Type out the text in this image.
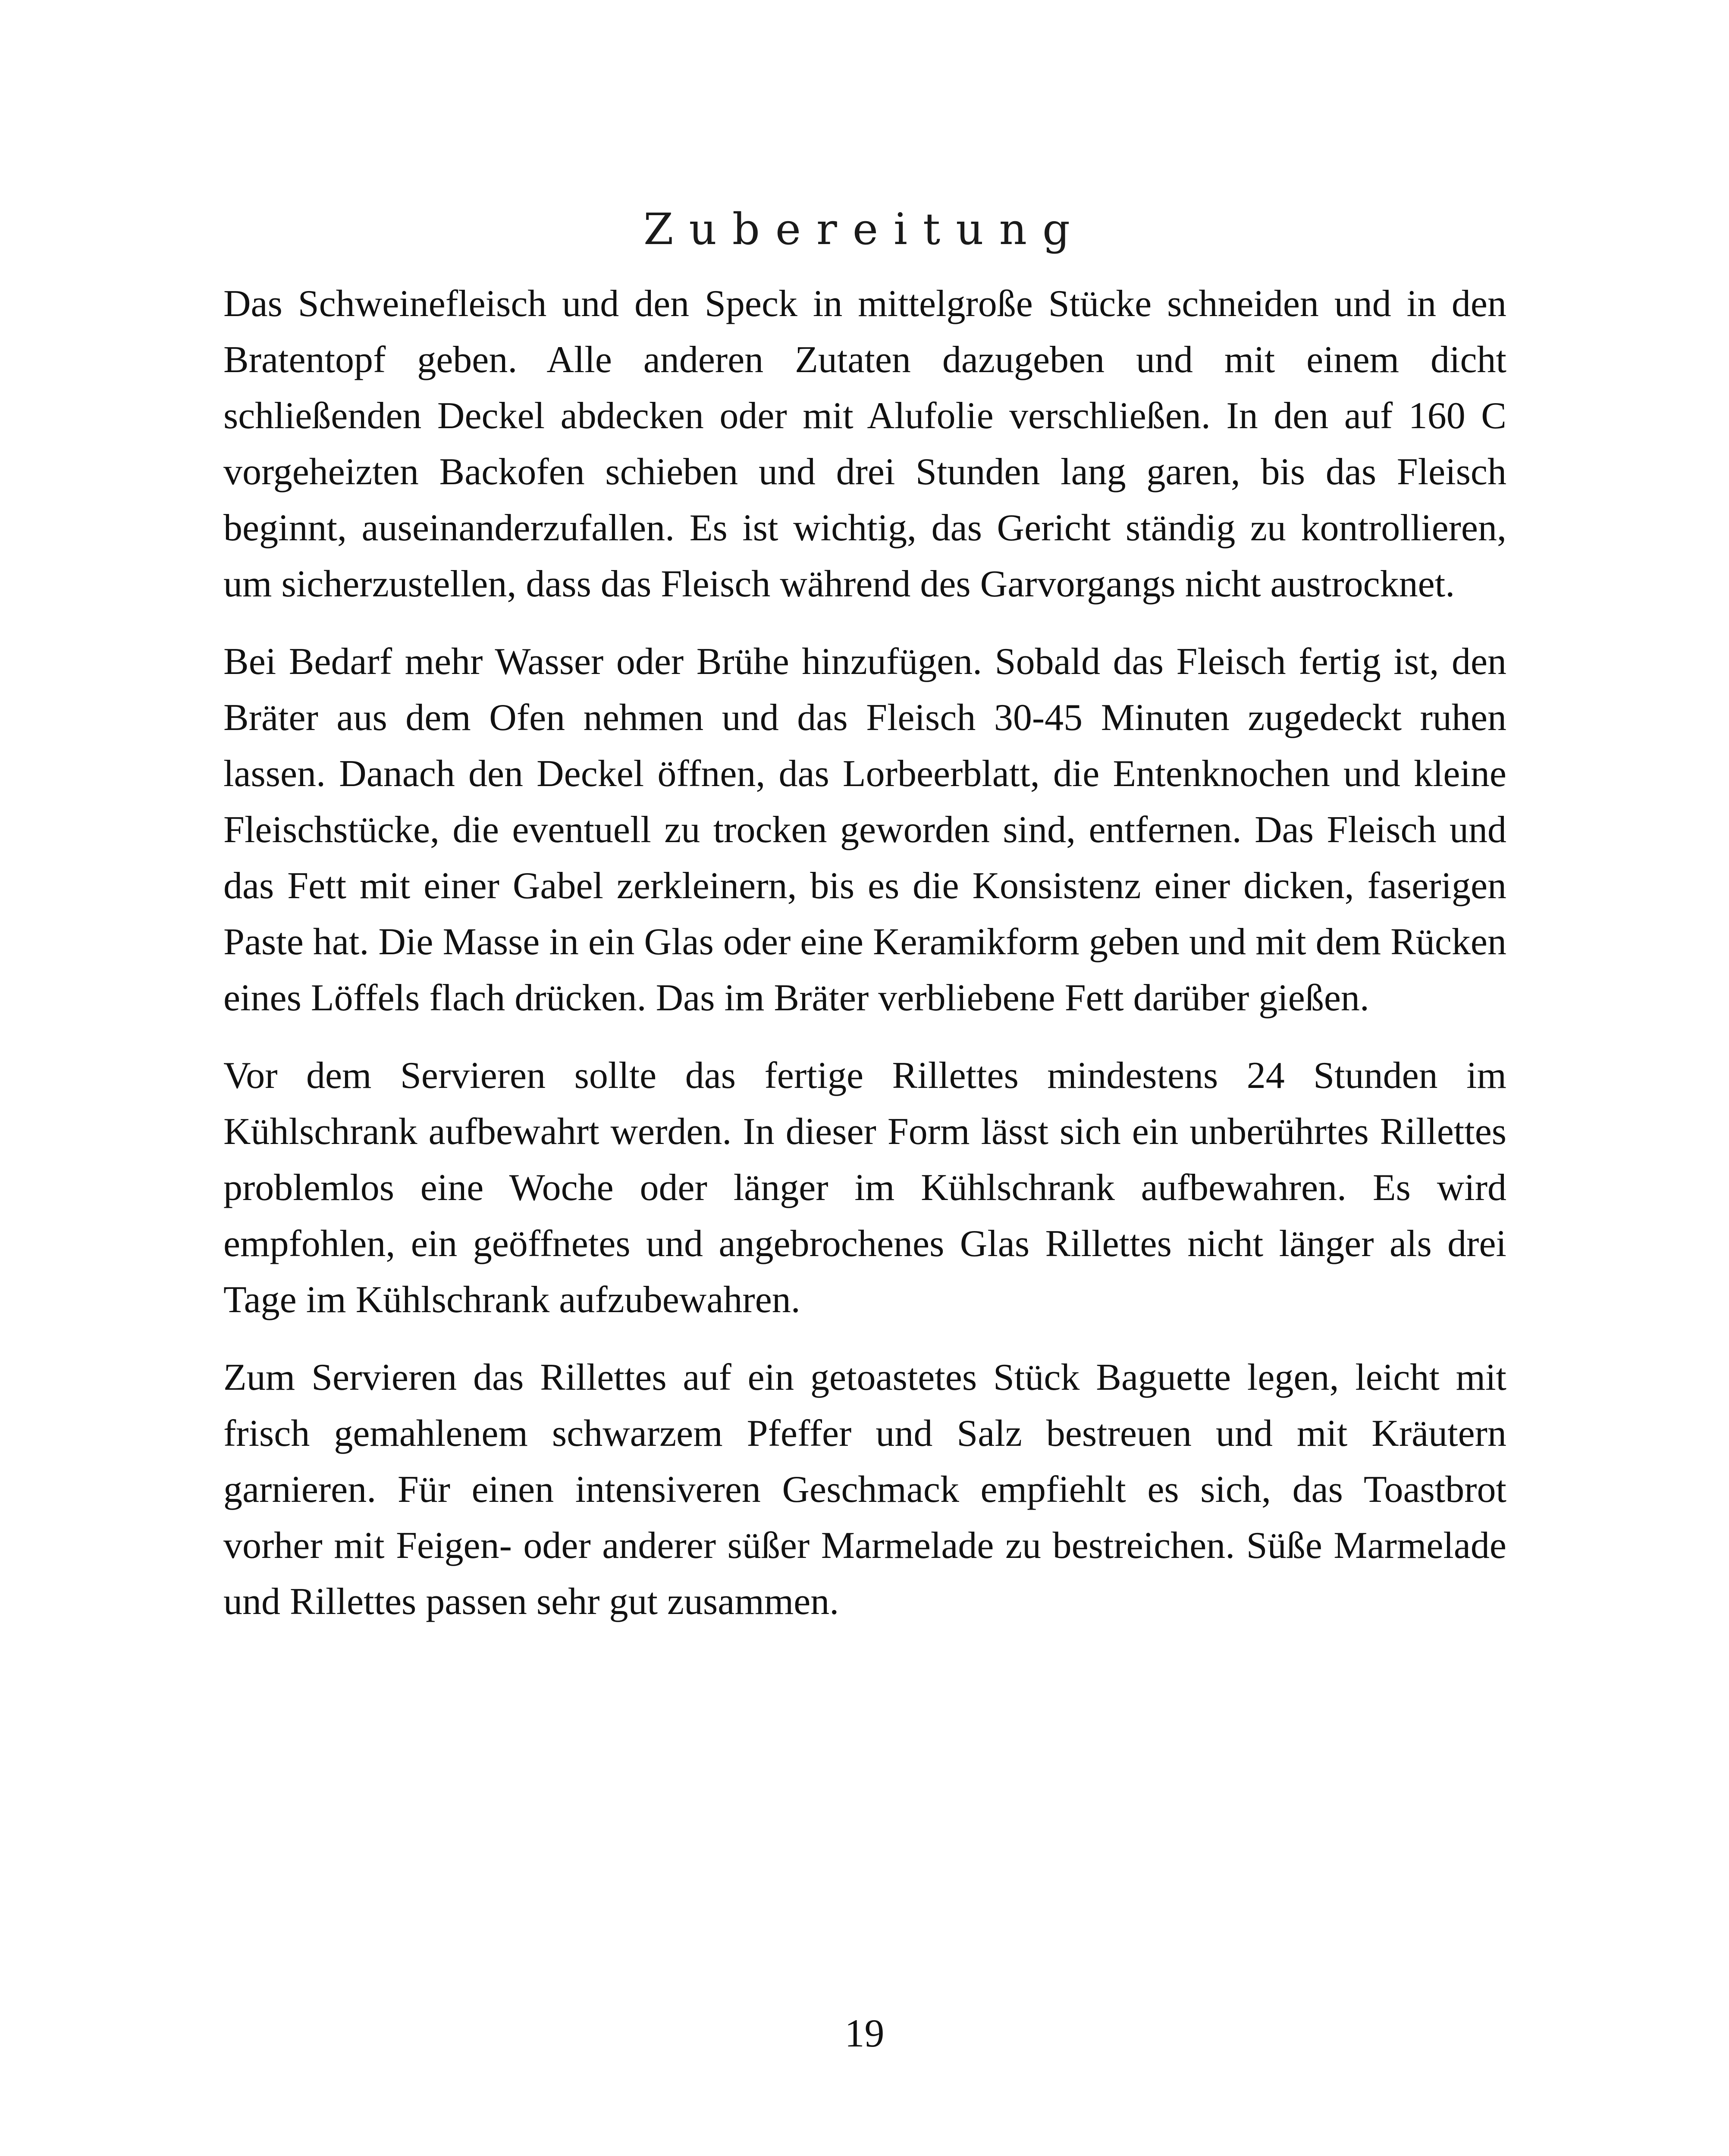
Zubereitung

Das Schweinefleisch und den Speck in mittelgroße Stücke schneiden und in den Bratentopf geben. Alle anderen Zutaten dazugeben und mit einem dicht schließenden Deckel abdecken oder mit Alufolie verschließen. In den auf 160 C vorgeheizten Backofen schieben und drei Stunden lang garen, bis das Fleisch beginnt, auseinanderzufallen. Es ist wichtig, das Gericht ständig zu kontrollieren, um sicherzustellen, dass das Fleisch während des Garvorgangs nicht austrocknet.

Bei Bedarf mehr Wasser oder Brühe hinzufügen. Sobald das Fleisch fertig ist, den Bräter aus dem Ofen nehmen und das Fleisch 30-45 Minuten zugedeckt ruhen lassen. Danach den Deckel öffnen, das Lorbeerblatt, die Entenknochen und kleine Fleischstücke, die eventuell zu trocken geworden sind, entfernen. Das Fleisch und das Fett mit einer Gabel zerkleinern, bis es die Konsistenz einer dicken, faserigen Paste hat. Die Masse in ein Glas oder eine Keramikform geben und mit dem Rücken eines Löffels flach drücken. Das im Bräter verbliebene Fett darüber gießen.

Vor dem Servieren sollte das fertige Rillettes mindestens 24 Stunden im Kühlschrank aufbewahrt werden. In dieser Form lässt sich ein unberührtes Rillettes problemlos eine Woche oder länger im Kühlschrank aufbewahren. Es wird empfohlen, ein geöffnetes und angebrochenes Glas Rillettes nicht länger als drei Tage im Kühlschrank aufzubewahren.

Zum Servieren das Rillettes auf ein getoastetes Stück Baguette legen, leicht mit frisch gemahlenem schwarzem Pfeffer und Salz bestreuen und mit Kräutern garnieren. Für einen intensiveren Geschmack empfiehlt es sich, das Toastbrot vorher mit Feigen- oder anderer süßer Marmelade zu bestreichen. Süße Marmelade und Rillettes passen sehr gut zusammen.

19
